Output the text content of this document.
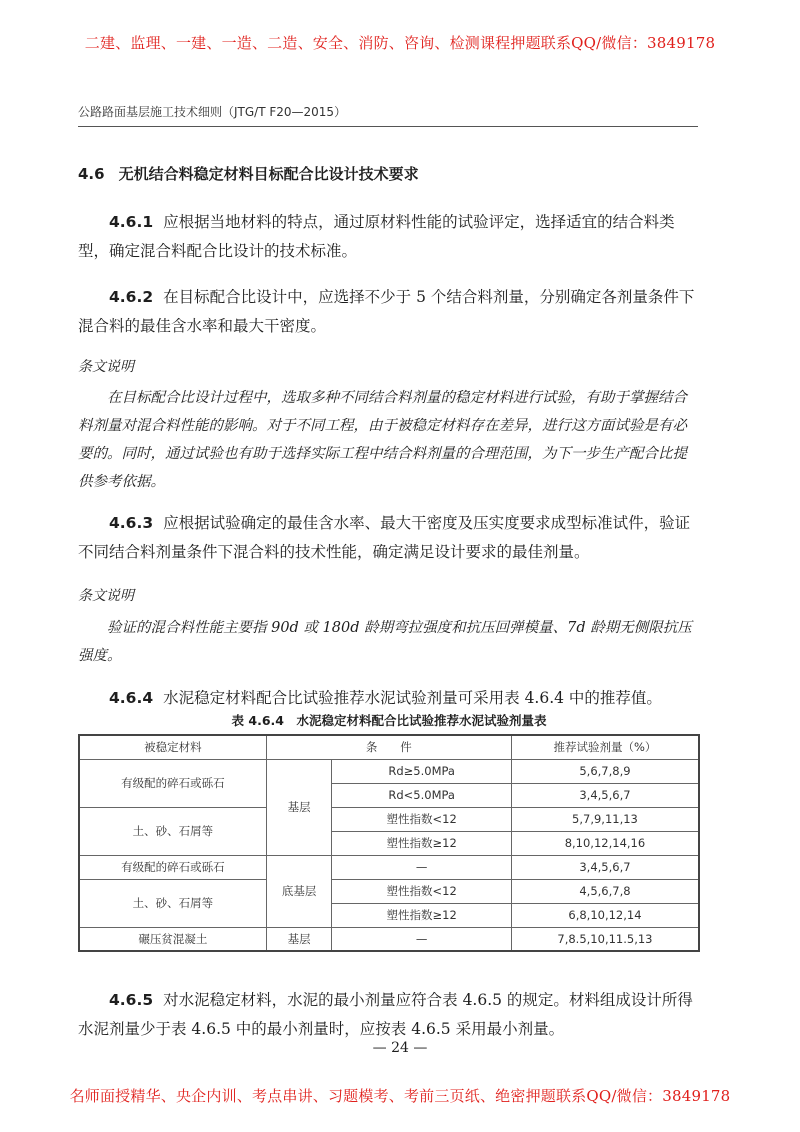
二建、监理、一建、一造、二造、安全、消防、咨询、检测课程押题联系QQ/微信：3849178
公路路面基层施工技术细则（JTG/T F20—2015）
4.6 无机结合料稳定材料目标配合比设计技术要求
4.6.1 应根据当地材料的特点，通过原材料性能的试验评定，选择适宜的结合料类型，确定混合料配合比设计的技术标准。
4.6.2 在目标配合比设计中，应选择不少于 5 个结合料剂量，分别确定各剂量条件下混合料的最佳含水率和最大干密度。
条文说明
在目标配合比设计过程中，选取多种不同结合料剂量的稳定材料进行试验，有助于掌握结合料剂量对混合料性能的影响。对于不同工程，由于被稳定材料存在差异，进行这方面试验是有必要的。同时，通过试验也有助于选择实际工程中结合料剂量的合理范围，为下一步生产配合比提供参考依据。
4.6.3 应根据试验确定的最佳含水率、最大干密度及压实度要求成型标准试件，验证不同结合料剂量条件下混合料的技术性能，确定满足设计要求的最佳剂量。
条文说明
验证的混合料性能主要指 90d 或 180d 龄期弯拉强度和抗压回弹模量、7d 龄期无侧限抗压强度。
4.6.4 水泥稳定材料配合比试验推荐水泥试验剂量可采用表 4.6.4 中的推荐值。
表 4.6.4　水泥稳定材料配合比试验推荐水泥试验剂量表
被稳定材料	条　　件		推荐试验剂量（%）
有级配的碎石或砾石	基层	Rd≥5.0MPa	5,6,7,8,9
		Rd<5.0MPa	3,4,5,6,7
土、砂、石屑等		塑性指数<12	5,7,9,11,13
		塑性指数≥12	8,10,12,14,16
有级配的碎石或砾石	底基层	—	3,4,5,6,7
土、砂、石屑等		塑性指数<12	4,5,6,7,8
		塑性指数≥12	6,8,10,12,14
碾压贫混凝土	基层	—	7,8.5,10,11.5,13
4.6.5 对水泥稳定材料，水泥的最小剂量应符合表 4.6.5 的规定。材料组成设计所得水泥剂量少于表 4.6.5 中的最小剂量时，应按表 4.6.5 采用最小剂量。
— 24 —
名师面授精华、央企内训、考点串讲、习题模考、考前三页纸、绝密押题联系QQ/微信：3849178
